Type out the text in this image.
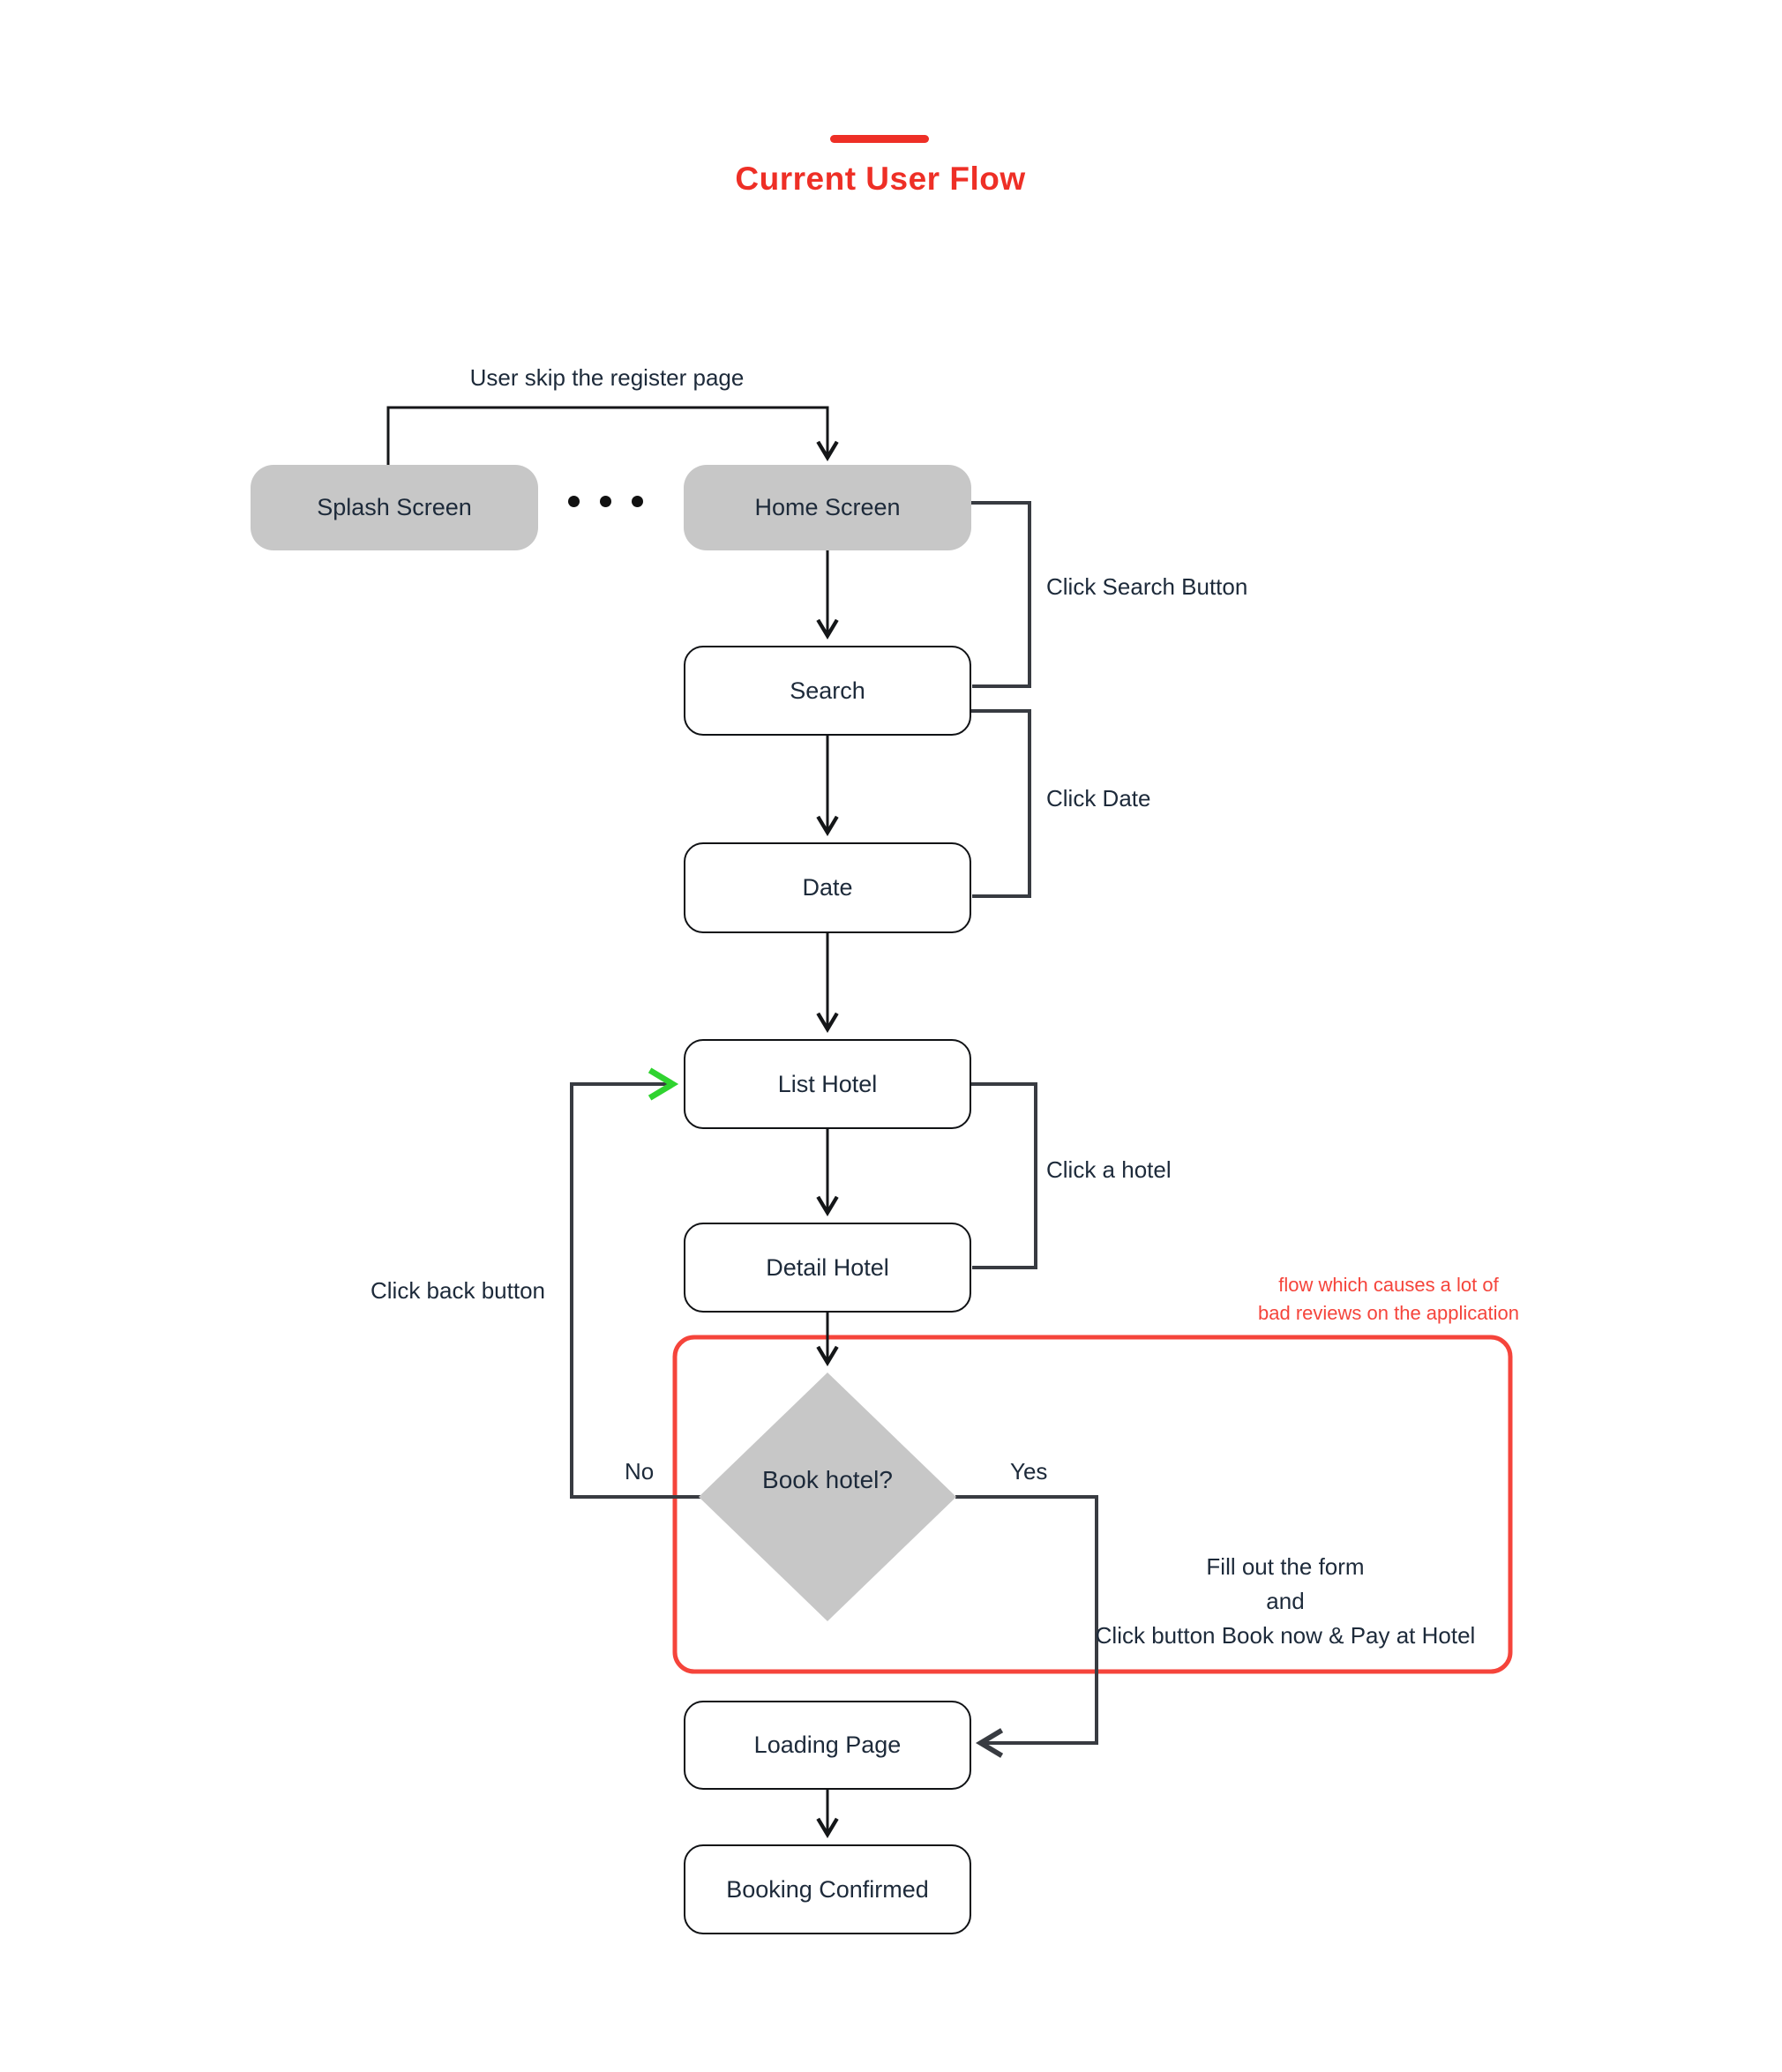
Current User Flow
Splash Screen	Home Screen
Search
Date
List Hotel
Detail Hotel
Book hotel?
Loading Page
Booking Confirmed
User skip the register page
Click Search Button
Click Date
Click a hotel
Click back button
No	Yes
Fill out the form
and
Click button Book now & Pay at Hotel
flow which causes a lot of
bad reviews on the application
